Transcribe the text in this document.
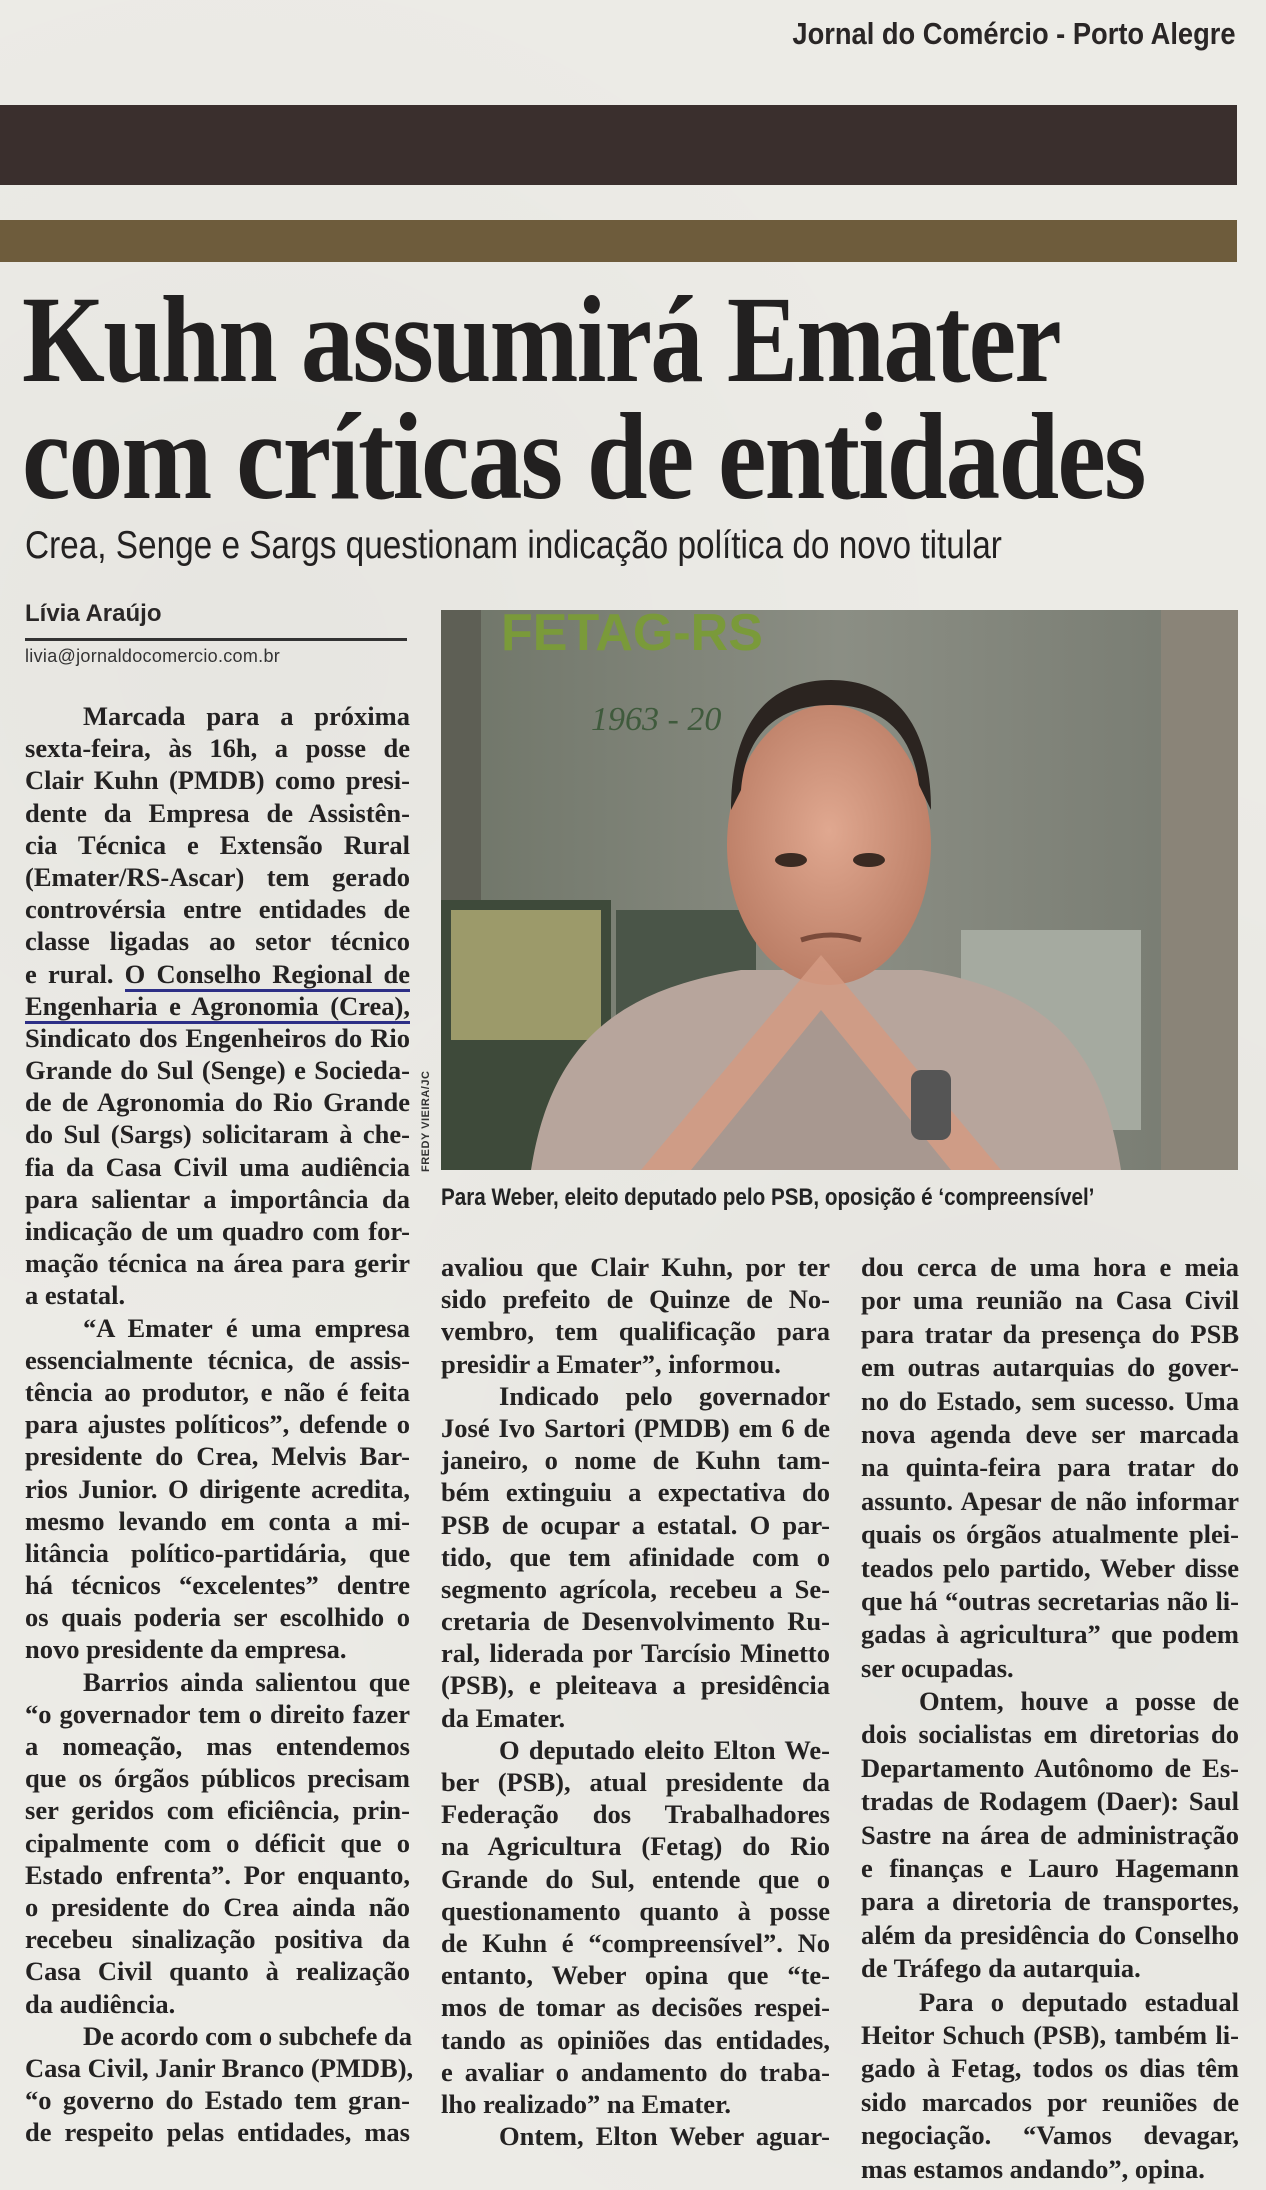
Jornal do Comércio - Porto Alegre
Kuhn assumirá Emater
com críticas de entidades
Crea, Senge e Sargs questionam indicação política do novo titular
Lívia Araújo
livia@jornaldocomercio.com.br	FETAG-RS
1963 - 20
FREDY VIEIRA/JC
Para Weber, eleito deputado pelo PSB, oposição é ‘compreensível’
Marcada para a próxima
sexta-feira, às 16h, a posse de
Clair Kuhn (PMDB) como presi-
dente da Empresa de Assistên-
cia Técnica e Extensão Rural
(Emater/RS-Ascar) tem gerado
controvérsia entre entidades de
classe ligadas ao setor técnico
e rural. O Conselho Regional de
Engenharia e Agronomia (Crea),
Sindicato dos Engenheiros do Rio
Grande do Sul (Senge) e Socieda-
de de Agronomia do Rio Grande
do Sul (Sargs) solicitaram à che-
fia da Casa Civil uma audiência
para salientar a importância da
indicação de um quadro com for-
mação técnica na área para gerir
a estatal.
“A Emater é uma empresa
essencialmente técnica, de assis-
tência ao produtor, e não é feita
para ajustes políticos”, defende o
presidente do Crea, Melvis Bar-
rios Junior. O dirigente acredita,
mesmo levando em conta a mi-
litância político-partidária, que
há técnicos “excelentes” dentre
os quais poderia ser escolhido o
novo presidente da empresa.
Barrios ainda salientou que
“o governador tem o direito fazer
a nomeação, mas entendemos
que os órgãos públicos precisam
ser geridos com eficiência, prin-
cipalmente com o déficit que o
Estado enfrenta”. Por enquanto,
o presidente do Crea ainda não
recebeu sinalização positiva da
Casa Civil quanto à realização
da audiência.
De acordo com o subchefe da
Casa Civil, Janir Branco (PMDB),
“o governo do Estado tem gran-
de respeito pelas entidades, mas
avaliou que Clair Kuhn, por ter
sido prefeito de Quinze de No-
vembro, tem qualificação para
presidir a Emater”, informou.
Indicado pelo governador
José Ivo Sartori (PMDB) em 6 de
janeiro, o nome de Kuhn tam-
bém extinguiu a expectativa do
PSB de ocupar a estatal. O par-
tido, que tem afinidade com o
segmento agrícola, recebeu a Se-
cretaria de Desenvolvimento Ru-
ral, liderada por Tarcísio Minetto
(PSB), e pleiteava a presidência
da Emater.
O deputado eleito Elton We-
ber (PSB), atual presidente da
Federação dos Trabalhadores
na Agricultura (Fetag) do Rio
Grande do Sul, entende que o
questionamento quanto à posse
de Kuhn é “compreensível”. No
entanto, Weber opina que “te-
mos de tomar as decisões respei-
tando as opiniões das entidades,
e avaliar o andamento do traba-
lho realizado” na Emater.
Ontem, Elton Weber aguar-
dou cerca de uma hora e meia
por uma reunião na Casa Civil
para tratar da presença do PSB
em outras autarquias do gover-
no do Estado, sem sucesso. Uma
nova agenda deve ser marcada
na quinta-feira para tratar do
assunto. Apesar de não informar
quais os órgãos atualmente plei-
teados pelo partido, Weber disse
que há “outras secretarias não li-
gadas à agricultura” que podem
ser ocupadas.
Ontem, houve a posse de
dois socialistas em diretorias do
Departamento Autônomo de Es-
tradas de Rodagem (Daer): Saul
Sastre na área de administração
e finanças e Lauro Hagemann
para a diretoria de transportes,
além da presidência do Conselho
de Tráfego da autarquia.
Para o deputado estadual
Heitor Schuch (PSB), também li-
gado à Fetag, todos os dias têm
sido marcados por reuniões de
negociação. “Vamos devagar,
mas estamos andando”, opina.
